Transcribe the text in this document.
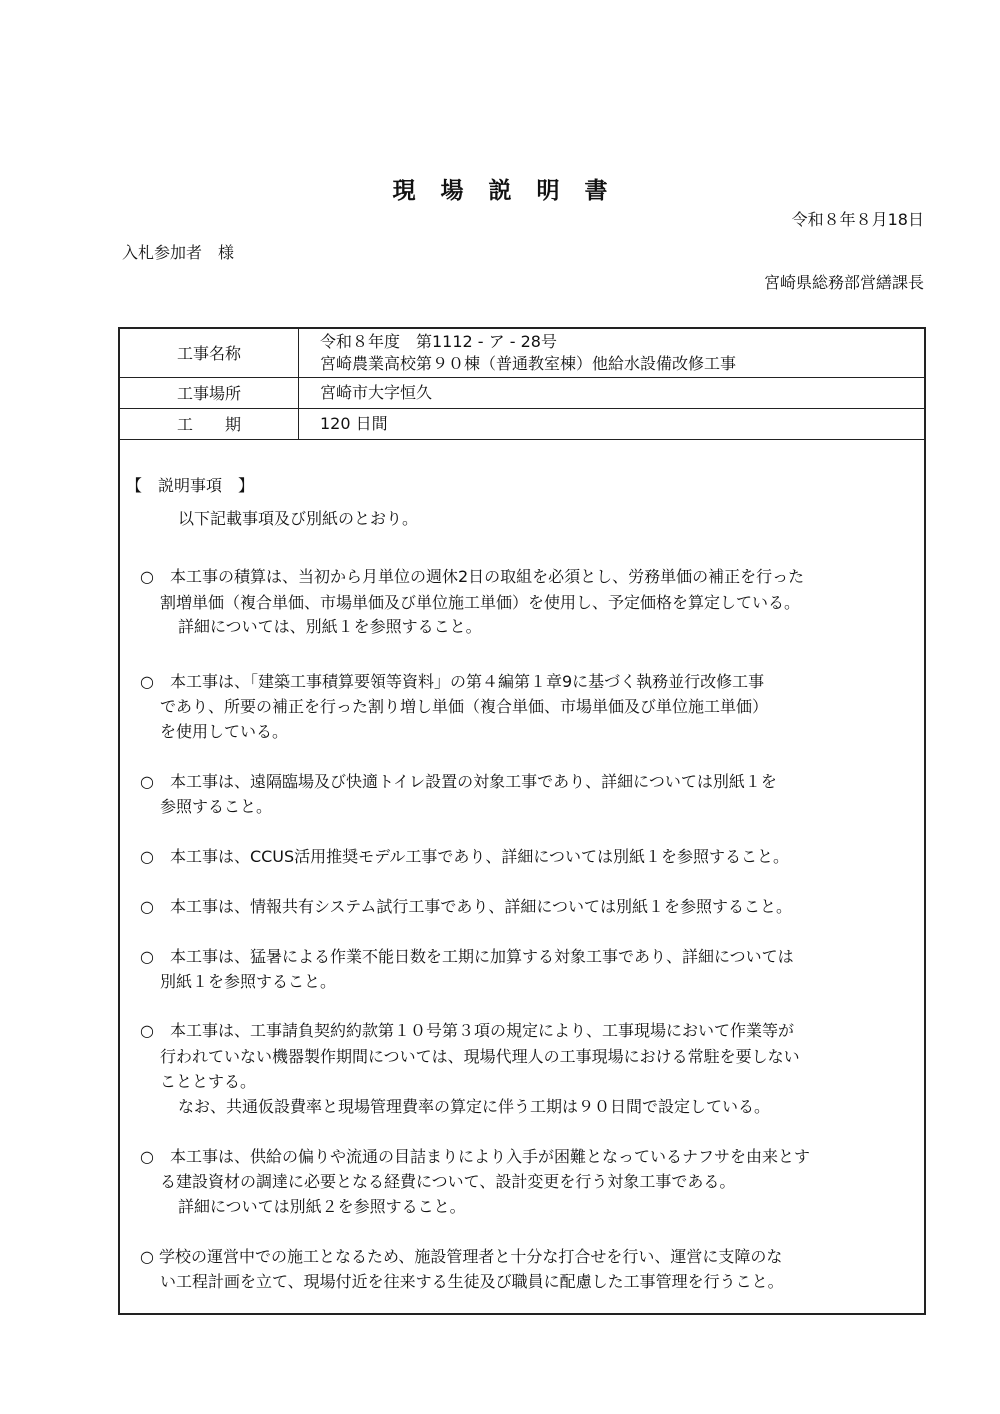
現場説明書
令和８年８月18日
入札参加者　様
宮崎県総務部営繕課長
工事名称	令和８年度　第1112 - ア - 28号
宮崎農業高校第９０棟（普通教室棟）他給水設備改修工事

工事場所	宮崎市大字恒久
工　　期	120 日間
【　説明事項　】
以下記載事項及び別紙のとおり。
○　本工事の積算は、当初から月単位の週休2日の取組を必須とし、労務単価の補正を行った
割増単価（複合単価、市場単価及び単位施工単価）を使用し、予定価格を算定している。
詳細については、別紙１を参照すること。
○　本工事は、「建築工事積算要領等資料」の第４編第１章9に基づく執務並行改修工事
であり、所要の補正を行った割り増し単価（複合単価、市場単価及び単位施工単価）
を使用している。
○　本工事は、遠隔臨場及び快適トイレ設置の対象工事であり、詳細については別紙１を
参照すること。
○　本工事は、CCUS活用推奨モデル工事であり、詳細については別紙１を参照すること。
○　本工事は、情報共有システム試行工事であり、詳細については別紙１を参照すること。
○　本工事は、猛暑による作業不能日数を工期に加算する対象工事であり、詳細については
別紙１を参照すること。
○　本工事は、工事請負契約約款第１０号第３項の規定により、工事現場において作業等が
行われていない機器製作期間については、現場代理人の工事現場における常駐を要しない
こととする。
なお、共通仮設費率と現場管理費率の算定に伴う工期は９０日間で設定している。
○　本工事は、供給の偏りや流通の目詰まりにより入手が困難となっているナフサを由来とす
る建設資材の調達に必要となる経費について、設計変更を行う対象工事である。
詳細については別紙２を参照すること。
○ 学校の運営中での施工となるため、施設管理者と十分な打合せを行い、運営に支障のな
い工程計画を立て、現場付近を往来する生徒及び職員に配慮した工事管理を行うこと。
